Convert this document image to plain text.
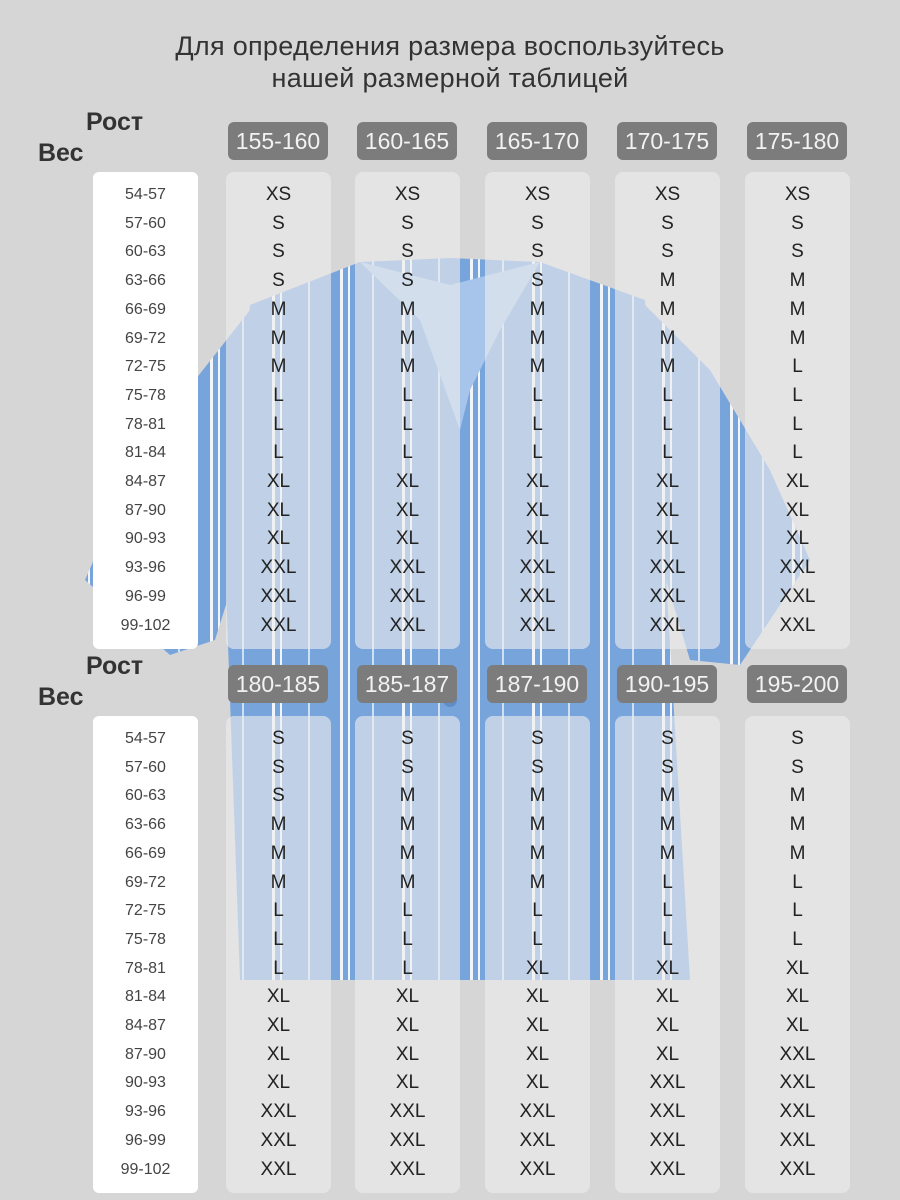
Для определения размера воспользуйтесь
нашей размерной таблицей
Рост
Вес
Рост
Вес
54-57
57-60
60-63
63-66
66-69
69-72
72-75
75-78
78-81
81-84
84-87
87-90
90-93
93-96
96-99
99-102
155-160
XS
S
S
S
M
M
M
L
L
L
XL
XL
XL
XXL
XXL
XXL
160-165
XS
S
S
S
M
M
M
L
L
L
XL
XL
XL
XXL
XXL
XXL
165-170
XS
S
S
S
M
M
M
L
L
L
XL
XL
XL
XXL
XXL
XXL
170-175
XS
S
S
M
M
M
M
L
L
L
XL
XL
XL
XXL
XXL
XXL
175-180
XS
S
S
M
M
M
L
L
L
L
XL
XL
XL
XXL
XXL
XXL
54-57
57-60
60-63
63-66
66-69
69-72
72-75
75-78
78-81
81-84
84-87
87-90
90-93
93-96
96-99
99-102
180-185
S
S
S
M
M
M
L
L
L
XL
XL
XL
XL
XXL
XXL
XXL
185-187
S
S
M
M
M
M
L
L
L
XL
XL
XL
XL
XXL
XXL
XXL
187-190
S
S
M
M
M
M
L
L
XL
XL
XL
XL
XL
XXL
XXL
XXL
190-195
S
S
M
M
M
L
L
L
XL
XL
XL
XL
XXL
XXL
XXL
XXL
195-200
S
S
M
M
M
L
L
L
XL
XL
XL
XXL
XXL
XXL
XXL
XXL
